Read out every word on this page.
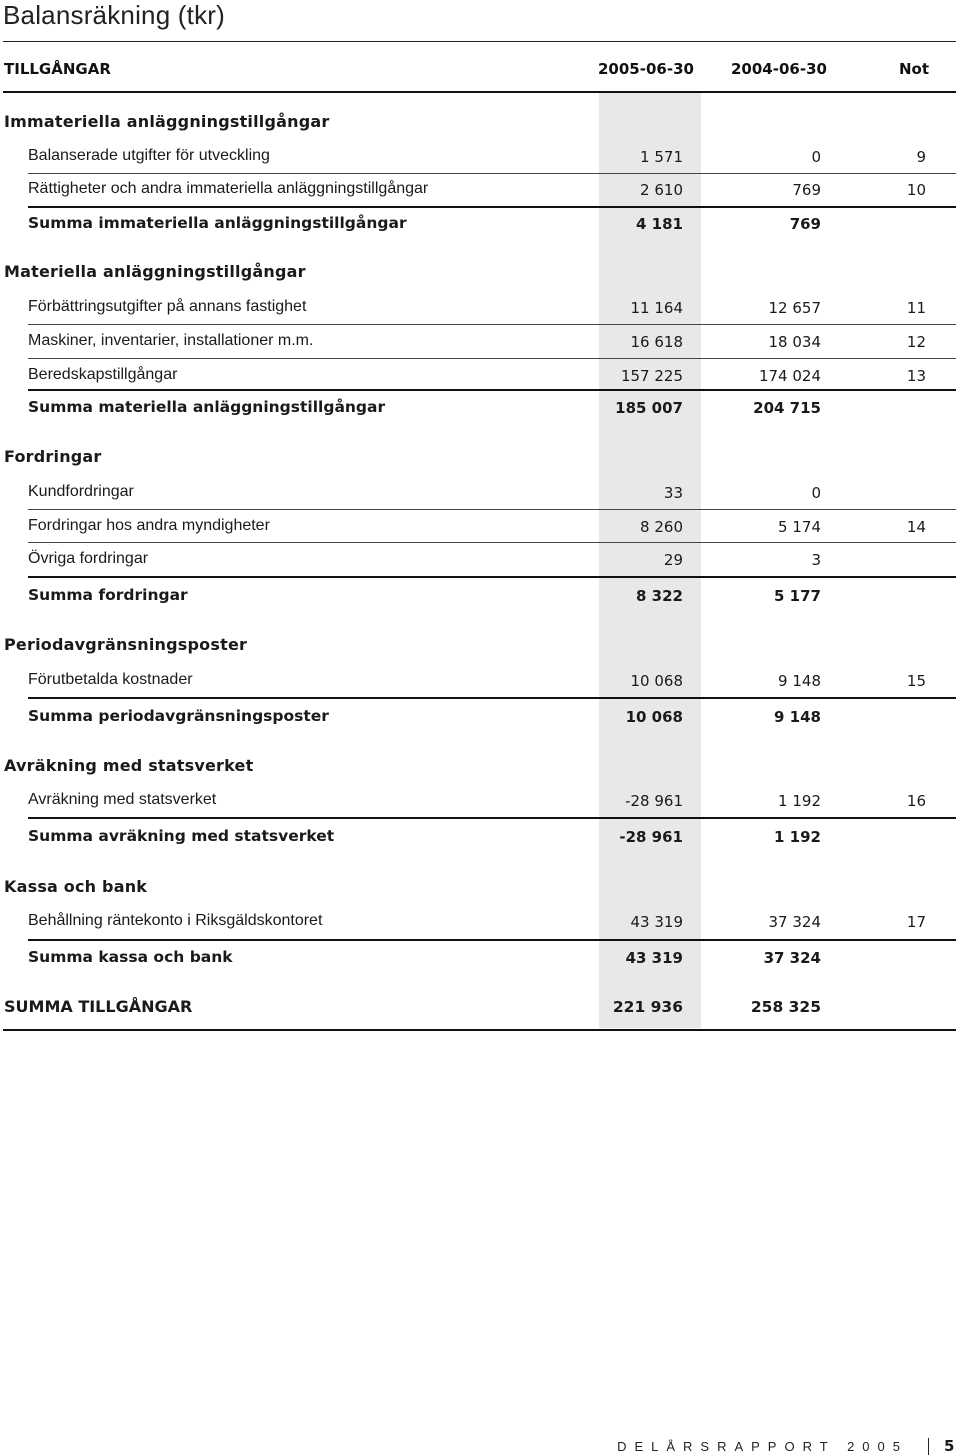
Balansräkning (tkr)
TILLGÅNGAR	2005-06-30 2004-06-30	Not
Immateriella anläggningstillgångar
Balanserade utgifter för utveckling	1 571	0	9
Rättigheter och andra immateriella anläggningstillgångar	2 610	769	10
Summa immateriella anläggningstillgångar	4 181	769
Materiella anläggningstillgångar
Förbättringsutgifter på annans fastighet	11 164	12 657	11
Maskiner, inventarier, installationer m.m.	16 618	18 034	12
Beredskapstillgångar	157 225	174 024	13
Summa materiella anläggningstillgångar	185 007	204 715
Fordringar
Kundfordringar	33	0
Fordringar hos andra myndigheter	8 260	5 174	14
Övriga fordringar	29	3
Summa fordringar	8 322	5 177
Periodavgränsningsposter
Förutbetalda kostnader	10 068	9 148	15
Summa periodavgränsningsposter	10 068	9 148
Avräkning med statsverket
Avräkning med statsverket	-28 961	1 192	16
Summa avräkning med statsverket	-28 961	1 192
Kassa och bank
Behållning räntekonto i Riksgäldskontoret	43 319	37 324	17
Summa kassa och bank	43 319	37 324
SUMMA TILLGÅNGAR	221 936	258 325
DELÅRSRAPPORT 2005 5
